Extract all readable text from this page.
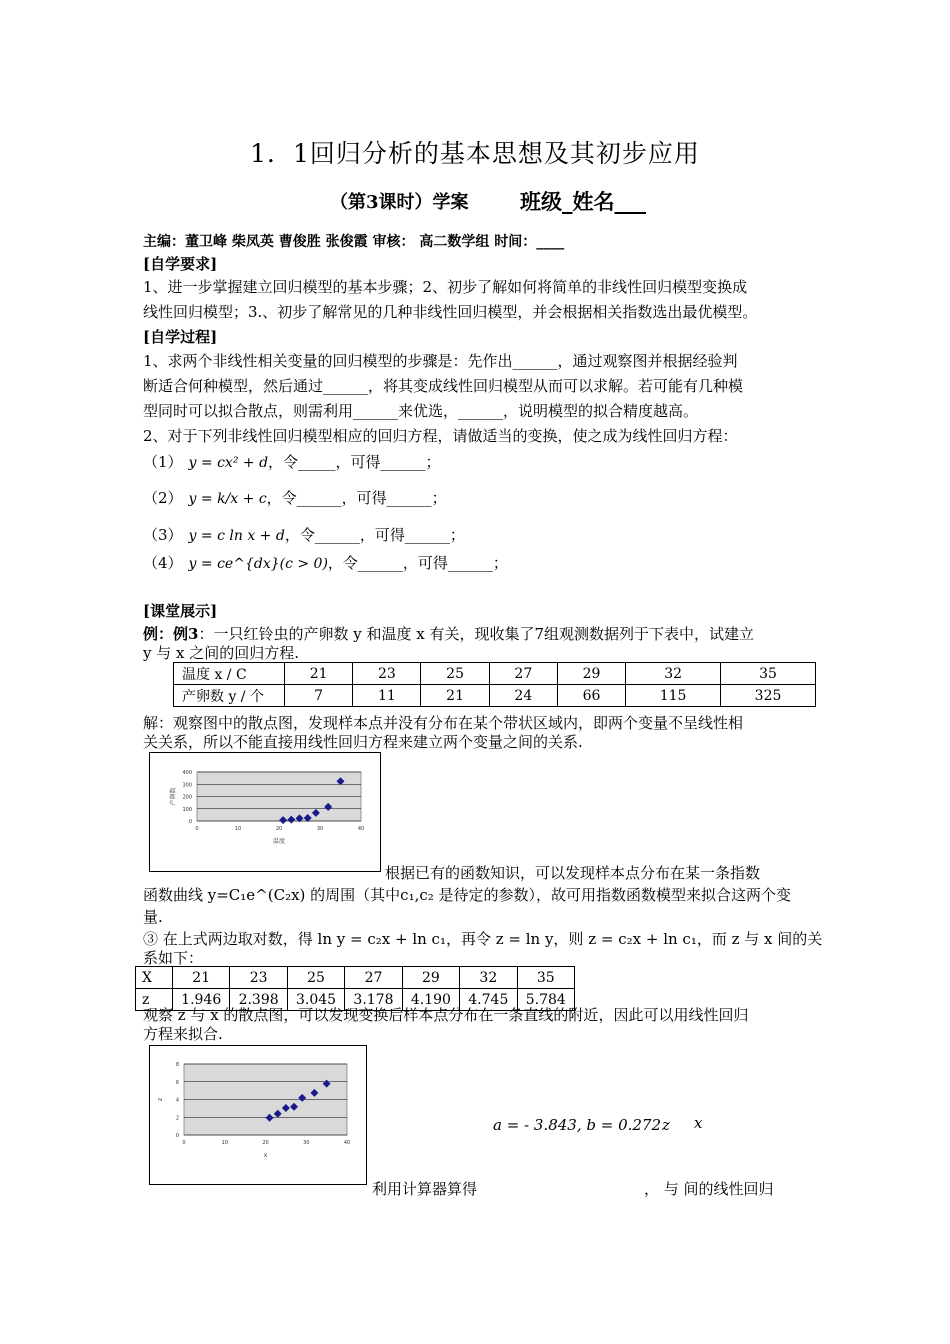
1．1回归分析的基本思想及其初步应用
（第3课时）学案 班级_姓名___
主编：董卫峰 柴凤英 曹俊胜 张俊霞 审核： 高二数学组 时间：____
[自学要求]
1、进一步掌握建立回归模型的基本步骤；2、初步了解如何将简单的非线性回归模型变换成
线性回归模型；3.、初步了解常见的几种非线性回归模型，并会根据相关指数选出最优模型。
[自学过程]
1、求两个非线性相关变量的回归模型的步骤是：先作出______，通过观察图并根据经验判
断适合何种模型，然后通过______，将其变成线性回归模型从而可以求解。若可能有几种模
型同时可以拟合散点，则需利用______来优选，______，说明模型的拟合精度越高。
2、对于下列非线性回归模型相应的回归方程，请做适当的变换，使之成为线性回归方程：
（1） y = cx² + d，令_____，可得______；
（2） y = k/x + c，令______，可得______；
（3） y = c ln x + d，令______，可得______；
（4） y = ce^{dx}(c > 0)，令______，可得______；
[课堂展示]
例：例3：一只红铃虫的产卵数 y 和温度 x 有关，现收集了7组观测数据列于下表中，试建立
y 与 x 之间的回归方程.
温度 x / C	21	23	25	27	29	32	35
产卵数 y / 个	7	11	21	24	66	115	325
解：观察图中的散点图，发现样本点并没有分布在某个带状区域内，即两个变量不呈线性相
关关系，所以不能直接用线性回归方程来建立两个变量之间的关系.
0
100
200
300
400
0	10	20	30	40
温度
产卵数
根据已有的函数知识，可以发现样本点分布在某一条指数
函数曲线 y=C₁e^(C₂x) 的周围（其中c₁,c₂ 是待定的参数），故可用指数函数模型来拟合这两个变
量.
③ 在上式两边取对数，得 ln y = c₂x + ln c₁，再令 z = ln y，则 z = c₂x + ln c₁，而 z 与 x 间的关
系如下：
X	21	23	25	27	29	32	35
z	1.946	2.398	3.045	3.178	4.190	4.745	5.784
观察 z 与 x 的散点图，可以发现变换后样本点分布在一条直线的附近，因此可以用线性回归
方程来拟合.
0
2
4
6
8
0	10	20	30	40
x
z
a = - 3.843, b = 0.272 z x
利用计算器算得	， 与 间的线性回归
